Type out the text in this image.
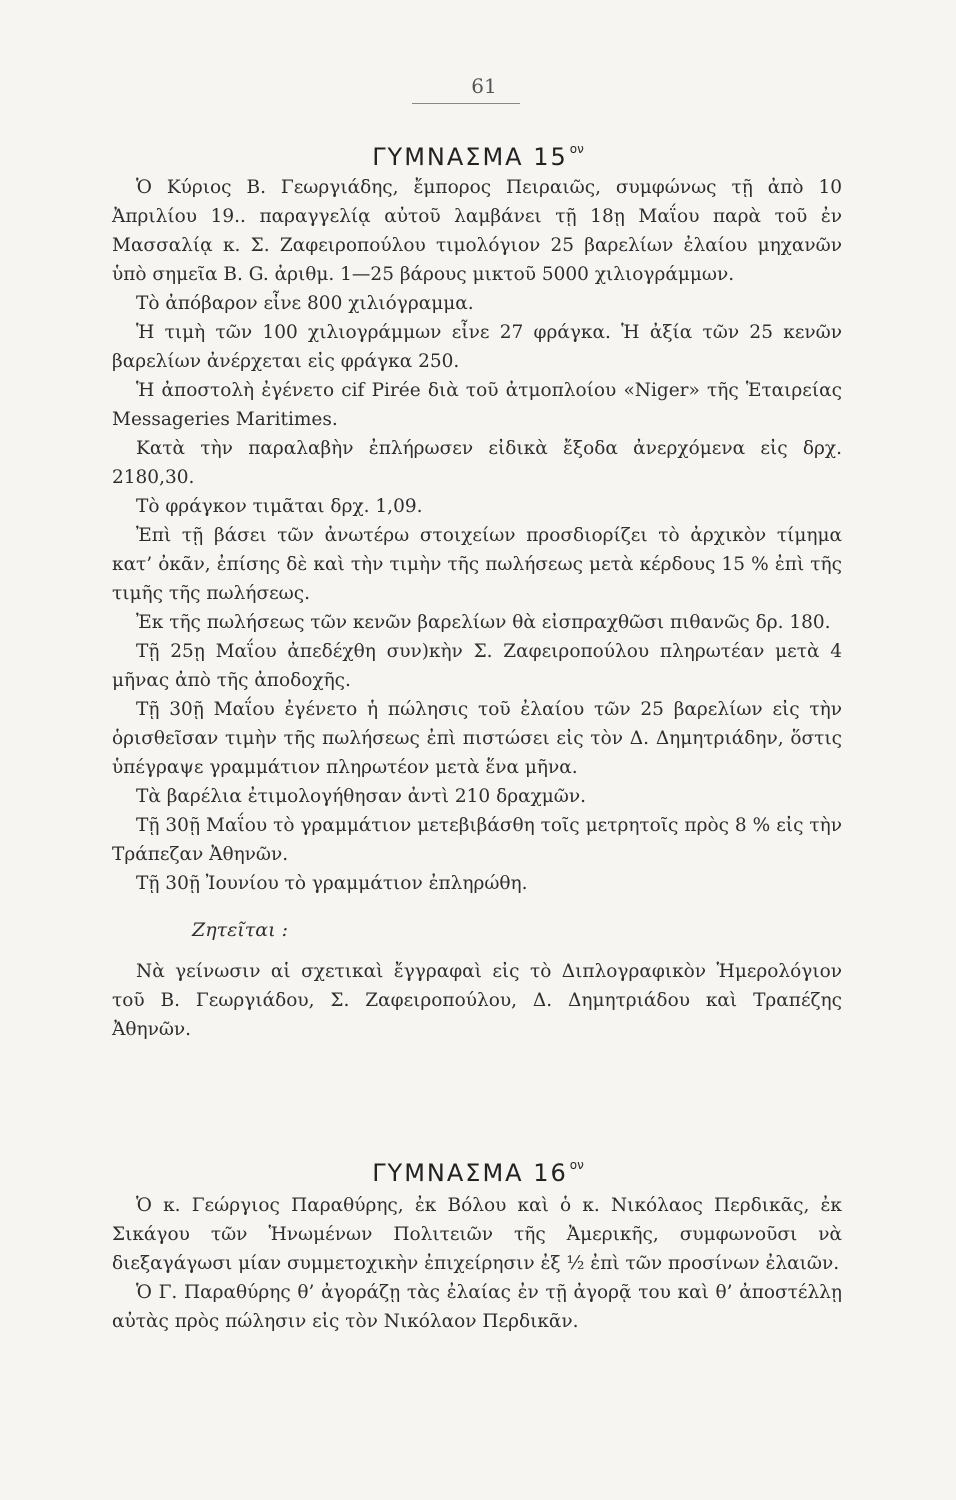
61
ΓΥΜΝΑΣΜΑ 15 $^{o\nu}$

Ὁ Κύριος Β. Γεωργιάδης, ἔμπορος Πειραιῶς, συμφώνως τῇ ἀπὸ 10 Ἀπριλίου 19.. παραγγελίᾳ αὐτοῦ λαμβάνει τῇ 18ῃ Μαΐου παρὰ τοῦ ἐν Μασσαλίᾳ κ. Σ. Ζαφειροπούλου τιμολόγιον 25 βαρελίων ἐλαίου μηχανῶν ὑπὸ σημεῖα B. G. ἀριθμ. 1—25 βάρους μικτοῦ 5000 χιλιογράμμων.

Τὸ ἀπόβαρον εἶνε 800 χιλιόγραμμα.

Ἡ τιμὴ τῶν 100 χιλιογράμμων εἶνε 27 φράγκα. Ἡ ἀξία τῶν 25 κενῶν βαρελίων ἀνέρχεται εἰς φράγκα 250.

Ἡ ἀποστολὴ ἐγένετο cif Pirée διὰ τοῦ ἀτμοπλοίου «Niger» τῆς Ἑταιρείας Messageries Maritimes.

Κατὰ τὴν παραλαβὴν ἐπλήρωσεν εἰδικὰ ἔξοδα ἀνερχόμενα εἰς δρχ. 2180,30.

Τὸ φράγκον τιμᾶται δρχ. 1,09.

Ἐπὶ τῇ βάσει τῶν ἀνωτέρω στοιχείων προσδιορίζει τὸ ἀρχικὸν τίμημα κατ’ ὀκᾶν, ἐπίσης δὲ καὶ τὴν τιμὴν τῆς πωλήσεως μετὰ κέρδους 15 % ἐπὶ τῆς τιμῆς τῆς πωλήσεως.

Ἐκ τῆς πωλήσεως τῶν κενῶν βαρελίων θὰ εἰσπραχθῶσι πιθανῶς δρ. 180.

Τῇ 25ῃ Μαΐου ἀπεδέχθη συν)κὴν Σ. Ζαφειροπούλου πληρωτέαν μετὰ 4 μῆνας ἀπὸ τῆς ἀποδοχῆς.

Τῇ 30ῇ Μαΐου ἐγένετο ἡ πώλησις τοῦ ἐλαίου τῶν 25 βαρελίων εἰς τὴν ὁρισθεῖσαν τιμὴν τῆς πωλήσεως ἐπὶ πιστώσει εἰς τὸν Δ. Δημητριάδην, ὅστις ὑπέγραψε γραμμάτιον πληρωτέον μετὰ ἕνα μῆνα.

Τὰ βαρέλια ἐτιμολογήθησαν ἀντὶ 210 δραχμῶν.

Τῇ 30ῇ Μαΐου τὸ γραμμάτιον μετεβιβάσθη τοῖς μετρητοῖς πρὸς 8 % εἰς τὴν Τράπεζαν Ἀθηνῶν.

Τῇ 30ῇ Ἰουνίου τὸ γραμμάτιον ἐπληρώθη.

Ζητεῖται :

Νὰ γείνωσιν αἱ σχετικαὶ ἔγγραφαὶ εἰς τὸ Διπλογραφικὸν Ἡμερολόγιον τοῦ Β. Γεωργιάδου, Σ. Ζαφειροπούλου, Δ. Δημητριάδου καὶ Τραπέζης Ἀθηνῶν.

ΓΥΜΝΑΣΜΑ 16 $^{o\nu}$

Ὁ κ. Γεώργιος Παραθύρης, ἐκ Βόλου καὶ ὁ κ. Νικόλαος Περδικᾶς, ἐκ Σικάγου τῶν Ἡνωμένων Πολιτειῶν τῆς Ἀμερικῆς, συμφωνοῦσι νὰ διεξαγάγωσι μίαν συμμετοχικὴν ἐπιχείρησιν ἐξ ½ ἐπὶ τῶν προσίνων ἐλαιῶν.

Ὁ Γ. Παραθύρης θ’ ἀγοράζῃ τὰς ἐλαίας ἐν τῇ ἀγορᾷ του καὶ θ’ ἀποστέλλῃ αὐτὰς πρὸς πώλησιν εἰς τὸν Νικόλαον Περδικᾶν.
